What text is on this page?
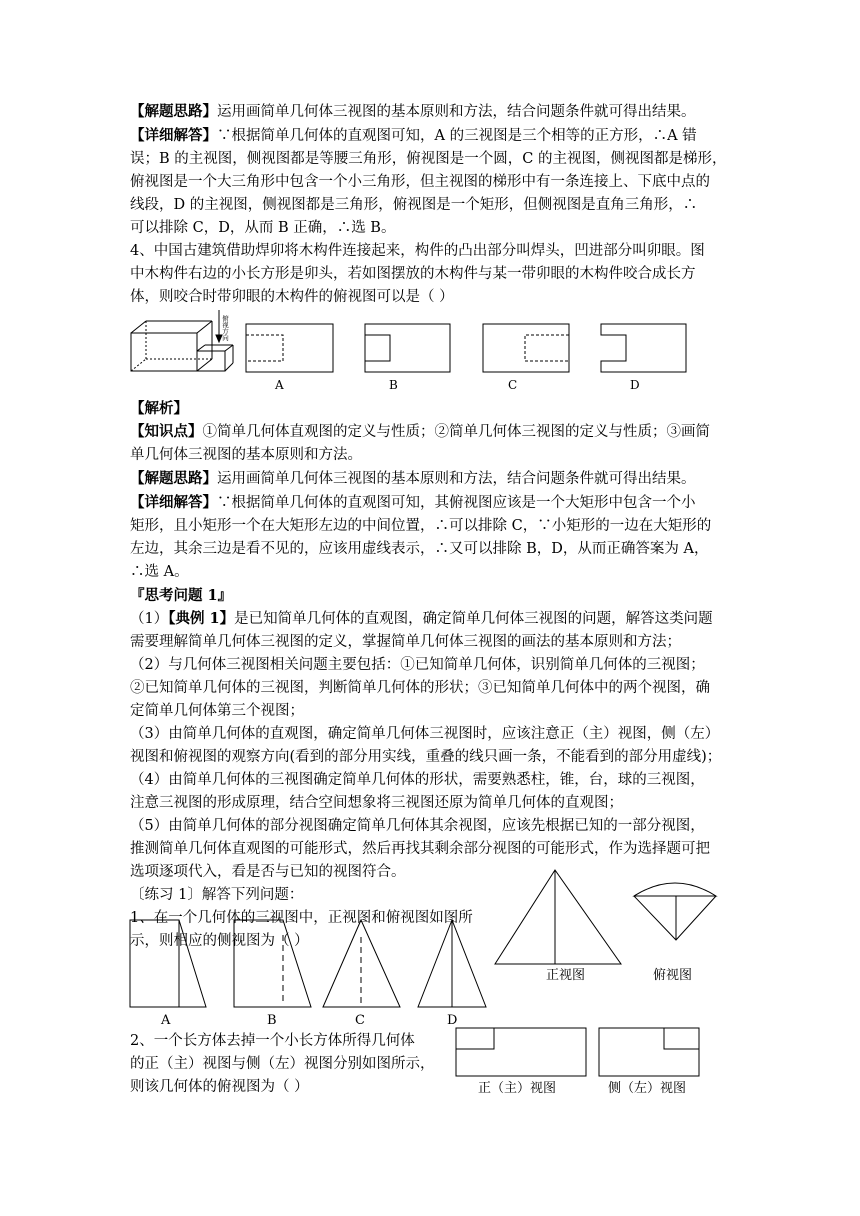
【解题思路】运用画简单几何体三视图的基本原则和方法，结合问题条件就可得出结果。
【详细解答】∵根据简单几何体的直观图可知，A 的三视图是三个相等的正方形，∴A 错
误；B 的主视图，侧视图都是等腰三角形，俯视图是一个圆，C 的主视图，侧视图都是梯形，
俯视图是一个大三角形中包含一个小三角形，但主视图的梯形中有一条连接上、下底中点的
线段，D 的主视图，侧视图都是三角形，俯视图是一个矩形，但侧视图是直角三角形，∴
可以排除 C，D，从而 B 正确，∴选 B。
4、中国古建筑借助焊卯将木构件连接起来，构件的凸出部分叫焊头，凹进部分叫卯眼。图
中木构件右边的小长方形是卯头，若如图摆放的木构件与某一带卯眼的木构件咬合成长方
体，则咬合时带卯眼的木构件的俯视图可以是（ ）
俯视方向
A	B	C	D
【解析】
【知识点】①简单几何体直观图的定义与性质；②简单几何体三视图的定义与性质；③画简
单几何体三视图的基本原则和方法。
【解题思路】运用画简单几何体三视图的基本原则和方法，结合问题条件就可得出结果。
【详细解答】∵根据简单几何体的直观图可知，其俯视图应该是一个大矩形中包含一个小
矩形，且小矩形一个在大矩形左边的中间位置，∴可以排除 C，∵小矩形的一边在大矩形的
左边，其余三边是看不见的，应该用虚线表示，∴又可以排除 B，D，从而正确答案为 A，
∴选 A。
『思考问题 1』
（1）【典例 1】是已知简单几何体的直观图，确定简单几何体三视图的问题，解答这类问题
需要理解简单几何体三视图的定义，掌握简单几何体三视图的画法的基本原则和方法；
（2）与几何体三视图相关问题主要包括：①已知简单几何体，识别简单几何体的三视图；
②已知简单几何体的三视图，判断简单几何体的形状；③已知简单几何体中的两个视图，确
定简单几何体第三个视图；
（3）由简单几何体的直观图，确定简单几何体三视图时，应该注意正（主）视图，侧（左）
视图和俯视图的观察方向(看到的部分用实线，重叠的线只画一条，不能看到的部分用虚线)；
（4）由简单几何体的三视图确定简单几何体的形状，需要熟悉柱，锥，台，球的三视图，
注意三视图的形成原理，结合空间想象将三视图还原为简单几何体的直观图；
（5）由简单几何体的部分视图确定简单几何体其余视图，应该先根据已知的一部分视图，
推测简单几何体直观图的可能形式，然后再找其剩余部分视图的可能形式，作为选择题可把
选项逐项代入，看是否与已知的视图符合。
〔练习 1〕解答下列问题：
1、在一个几何体的三视图中，正视图和俯视图如图所
示，则相应的侧视图为（ ）
正视图	俯视图
A	B	C	D
2、一个长方体去掉一个小长方体所得几何体
的正（主）视图与侧（左）视图分别如图所示，
则该几何体的俯视图为（ ）	正（主）视图	侧（左）视图
